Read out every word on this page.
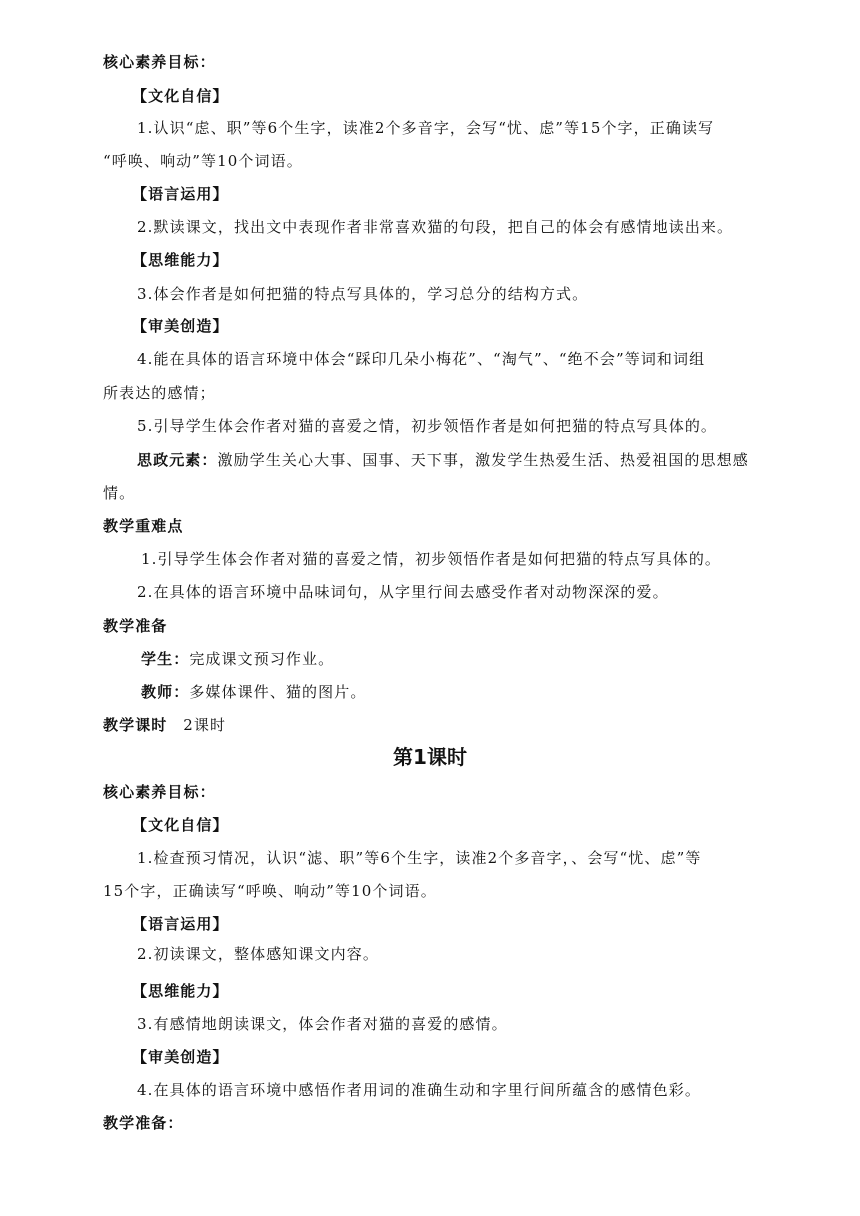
核心素养目标：
【文化自信】
1.认识“虑、职”等6个生字，读准2个多音字，会写“忧、虑”等15个字，正确读写
“呼唤、响动”等10个词语。
【语言运用】
2.默读课文，找出文中表现作者非常喜欢猫的句段，把自己的体会有感情地读出来。
【思维能力】
3.体会作者是如何把猫的特点写具体的，学习总分的结构方式。
【审美创造】
4.能在具体的语言环境中体会“踩印几朵小梅花”、“淘气”、“绝不会”等词和词组
所表达的感情；
5.引导学生体会作者对猫的喜爱之情，初步领悟作者是如何把猫的特点写具体的。
思政元素：激励学生关心大事、国事、天下事，激发学生热爱生活、热爱祖国的思想感
情。
教学重难点
1.引导学生体会作者对猫的喜爱之情，初步领悟作者是如何把猫的特点写具体的。
2.在具体的语言环境中品味词句，从字里行间去感受作者对动物深深的爱。
教学准备
学生：完成课文预习作业。
教师：多媒体课件、猫的图片。
教学课时 2课时
第1课时
核心素养目标：
【文化自信】
1.检查预习情况，认识“滤、职”等6个生字，读准2个多音字，、会写“忧、虑”等
15个字，正确读写“呼唤、响动”等10个词语。
【语言运用】
2.初读课文，整体感知课文内容。
【思维能力】
3.有感情地朗读课文，体会作者对猫的喜爱的感情。
【审美创造】
4.在具体的语言环境中感悟作者用词的准确生动和字里行间所蕴含的感情色彩。
教学准备：
